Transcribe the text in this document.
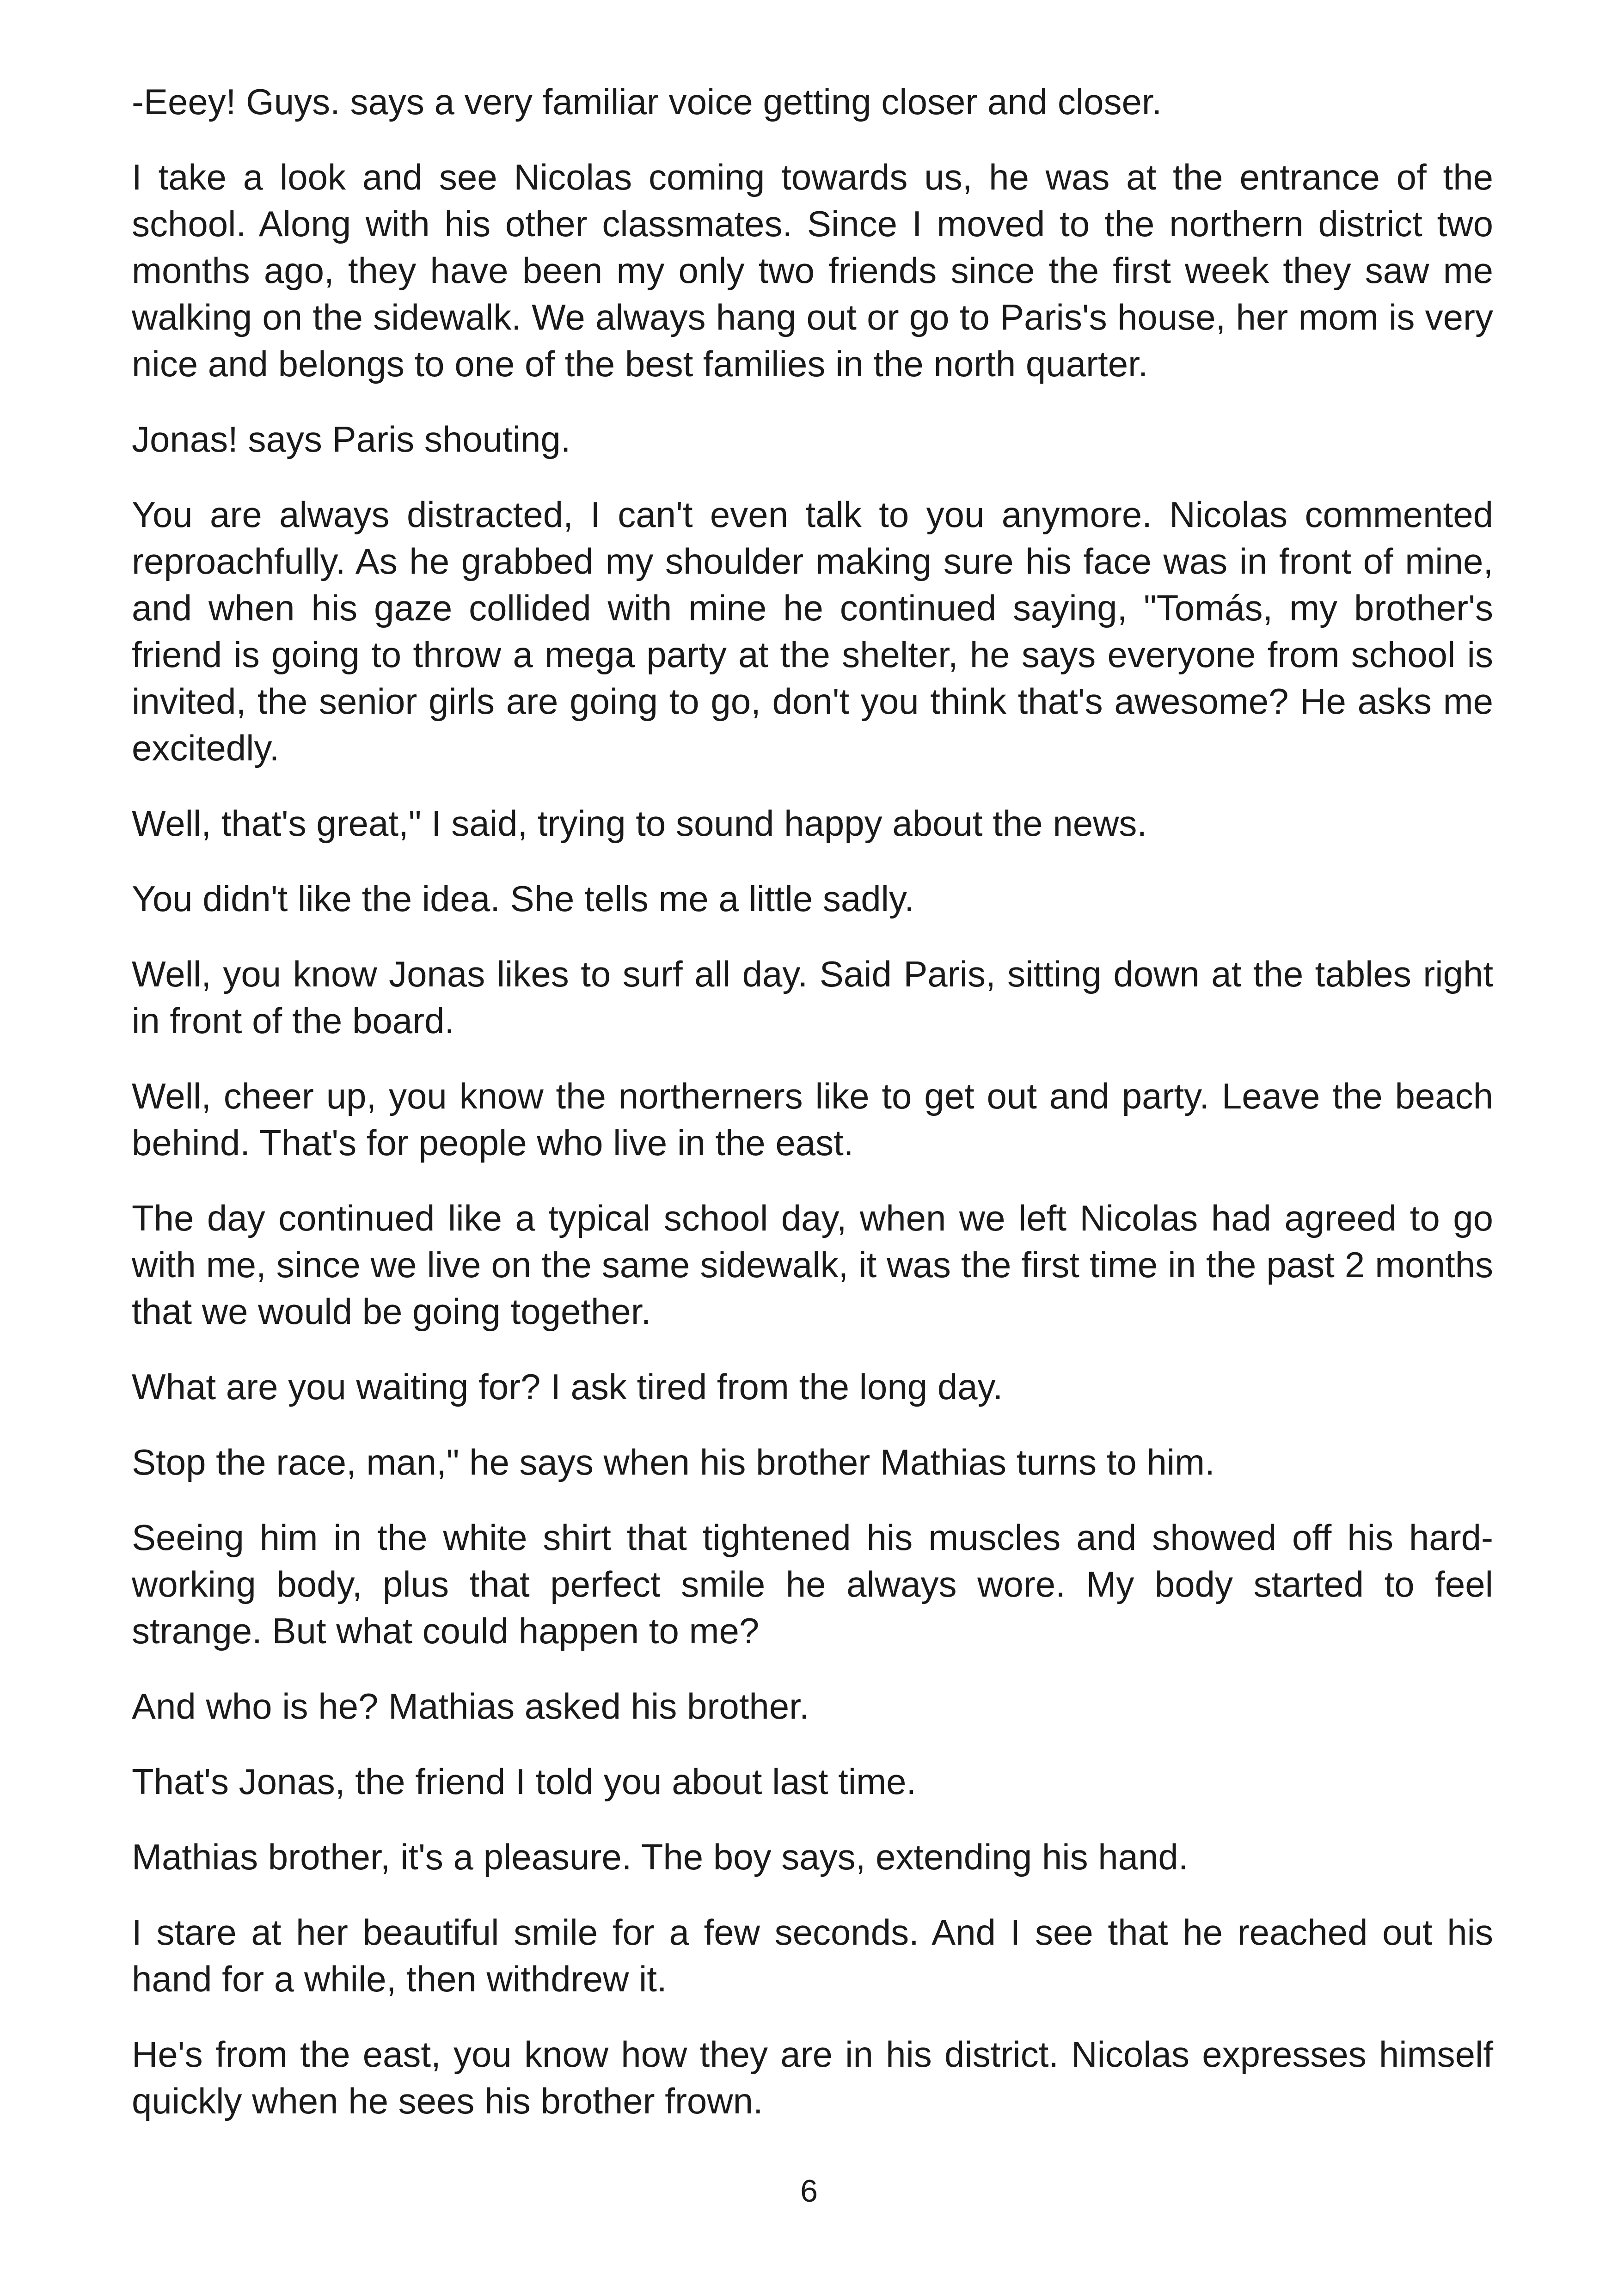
-Eeey! Guys. says a very familiar voice getting closer and closer.

I take a look and see Nicolas coming towards us, he was at the entrance of the school. Along with his other classmates. Since I moved to the northern district two months ago, they have been my only two friends since the first week they saw me walking on the sidewalk. We always hang out or go to Paris's house, her mom is very nice and belongs to one of the best families in the north quarter.

Jonas! says Paris shouting.

You are always distracted, I can't even talk to you anymore. Nicolas commented reproachfully. As he grabbed my shoulder making sure his face was in front of mine, and when his gaze collided with mine he continued saying, "Tomás, my brother's friend is going to throw a mega party at the shelter, he says everyone from school is invited, the senior girls are going to go, don't you think that's awesome? He asks me excitedly.

Well, that's great," I said, trying to sound happy about the news.

You didn't like the idea. She tells me a little sadly.

Well, you know Jonas likes to surf all day. Said Paris, sitting down at the tables right in front of the board.

Well, cheer up, you know the northerners like to get out and party. Leave the beach behind. That's for people who live in the east.

The day continued like a typical school day, when we left Nicolas had agreed to go with me, since we live on the same sidewalk, it was the first time in the past 2 months that we would be going together.

What are you waiting for? I ask tired from the long day.

Stop the race, man," he says when his brother Mathias turns to him.

Seeing him in the white shirt that tightened his muscles and showed off his hard-working body, plus that perfect smile he always wore. My body started to feel strange. But what could happen to me?

And who is he? Mathias asked his brother.

That's Jonas, the friend I told you about last time.

Mathias brother, it's a pleasure. The boy says, extending his hand.

I stare at her beautiful smile for a few seconds. And I see that he reached out his hand for a while, then withdrew it.

He's from the east, you know how they are in his district. Nicolas expresses himself quickly when he sees his brother frown.

6
